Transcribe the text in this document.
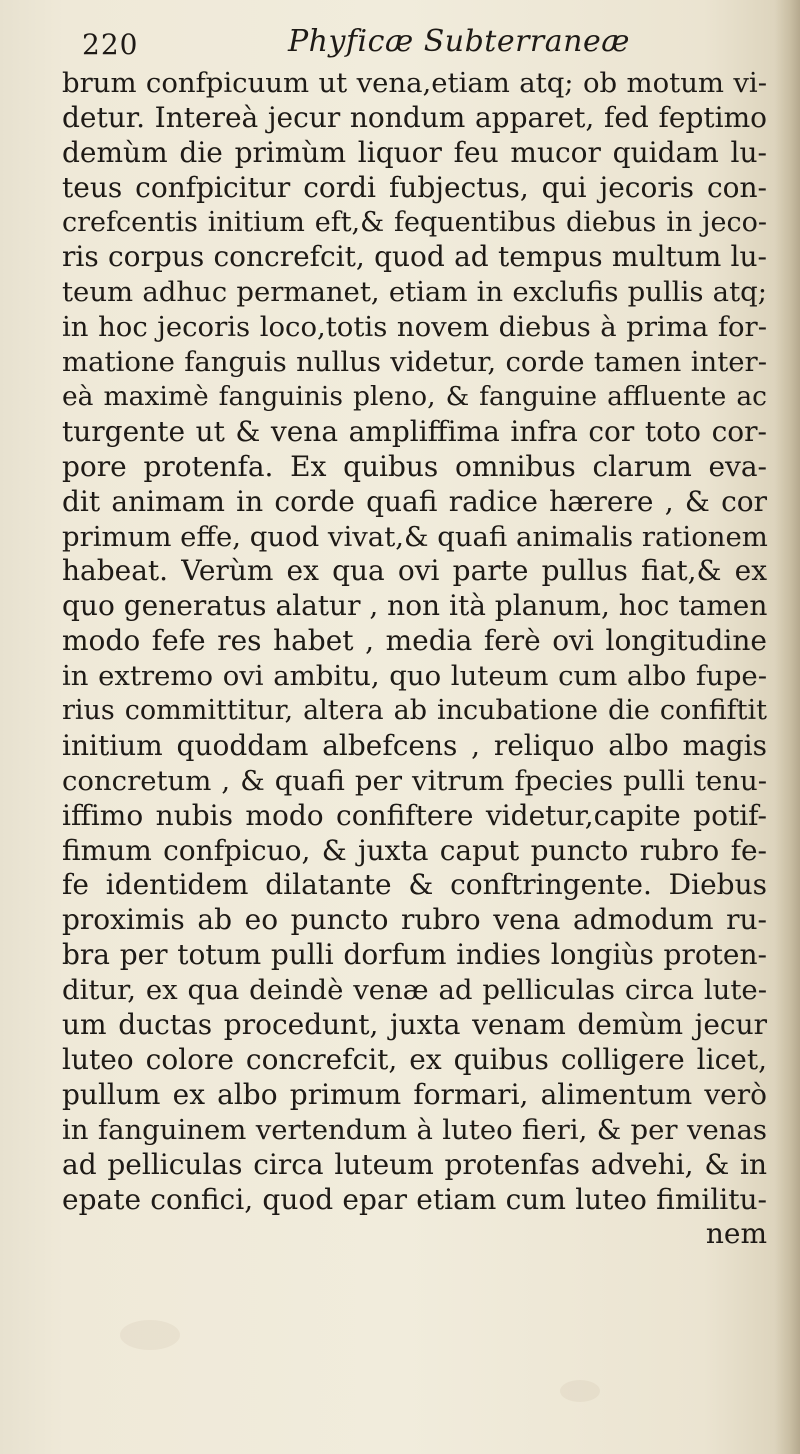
220	Phyficæ Subterraneæ
brum confpicuum ut vena,etiam atq; ob motum vi-
detur. Intereà jecur nondum apparet, fed feptimo
demùm die primùm liquor feu mucor quidam lu-
teus confpicitur cordi fubjectus, qui jecoris con-
crefcentis initium eft,& fequentibus diebus in jeco-
ris corpus concrefcit, quod ad tempus multum lu-
teum adhuc permanet, etiam in exclufis pullis atq;
in hoc jecoris loco,totis novem diebus à prima for-
matione fanguis nullus videtur, corde tamen inter-
eà maximè fanguinis pleno, & fanguine affluente ac
turgente ut & vena ampliffima infra cor toto cor-
pore protenfa. Ex quibus omnibus clarum eva-
dit animam in corde quafi radice hærere , & cor
primum effe, quod vivat,& quafi animalis rationem
habeat. Verùm ex qua ovi parte pullus fiat,& ex
quo generatus alatur , non ità planum, hoc tamen
modo fefe res habet , media ferè ovi longitudine
in extremo ovi ambitu, quo luteum cum albo fupe-
rius committitur, altera ab incubatione die confiftit
initium quoddam albefcens , reliquo albo magis
concretum , & quafi per vitrum fpecies pulli tenu-
iffimo nubis modo confiftere videtur,capite potif-
fimum confpicuo, & juxta caput puncto rubro fe-
fe identidem dilatante & conftringente. Diebus
proximis ab eo puncto rubro vena admodum ru-
bra per totum pulli dorfum indies longiùs proten-
ditur, ex qua deindè venæ ad pelliculas circa lute-
um ductas procedunt, juxta venam demùm jecur
luteo colore concrefcit, ex quibus colligere licet,
pullum ex albo primum formari, alimentum verò
in fanguinem vertendum à luteo fieri, & per venas
ad pelliculas circa luteum protenfas advehi, & in
epate confici, quod epar etiam cum luteo fimilitu-
nem
